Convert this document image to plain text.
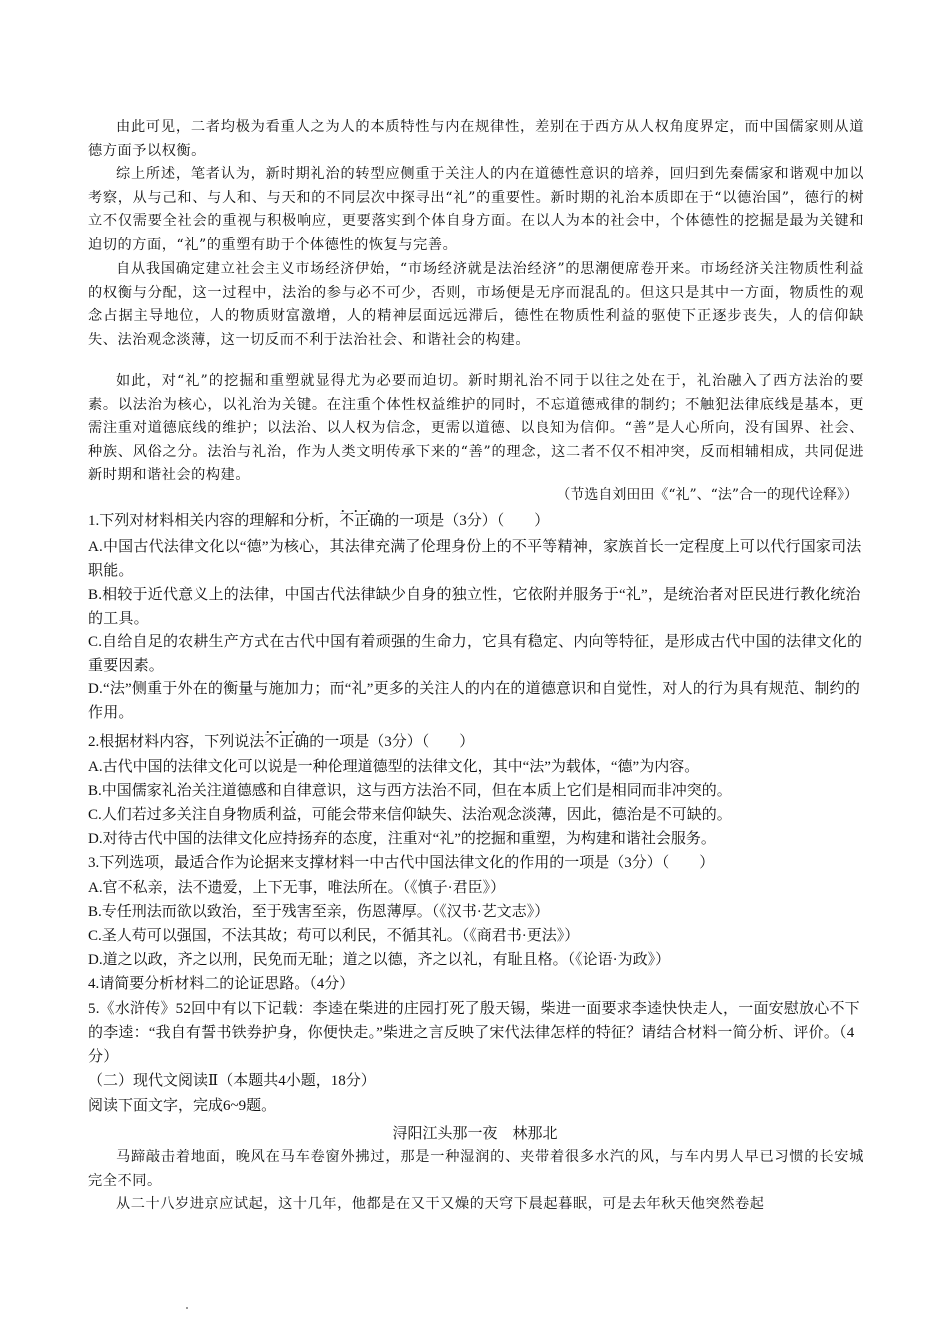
由此可见，二者均极为看重人之为人的本质特性与内在规律性，差别在于西方从人权角度界定，而中国儒家则从道德方面予以权衡。
综上所述，笔者认为，新时期礼治的转型应侧重于关注人的内在道德性意识的培养，回归到先秦儒家和谐观中加以考察，从与己和、与人和、与天和的不同层次中探寻出“礼”的重要性。新时期的礼治本质即在于“以德治国”，德行的树立不仅需要全社会的重视与积极响应，更要落实到个体自身方面。在以人为本的社会中，个体德性的挖掘是最为关键和迫切的方面，“礼”的重塑有助于个体德性的恢复与完善。
自从我国确定建立社会主义市场经济伊始，“市场经济就是法治经济”的思潮便席卷开来。市场经济关注物质性利益的权衡与分配，这一过程中，法治的参与必不可少，否则，市场便是无序而混乱的。但这只是其中一方面，物质性的观念占据主导地位，人的物质财富激增，人的精神层面远远滞后，德性在物质性利益的驱使下正逐步丧失，人的信仰缺失、法治观念淡薄，这一切反而不利于法治社会、和谐社会的构建。
如此，对“礼”的挖掘和重塑就显得尤为必要而迫切。新时期礼治不同于以往之处在于，礼治融入了西方法治的要素。以法治为核心，以礼治为关键。在注重个体性权益维护的同时，不忘道德戒律的制约；不触犯法律底线是基本，更需注重对道德底线的维护；以法治、以人权为信念，更需以道德、以良知为信仰。“善”是人心所向，没有国界、社会、种族、风俗之分。法治与礼治，作为人类文明传承下来的“善”的理念，这二者不仅不相冲突，反而相辅相成，共同促进新时期和谐社会的构建。
（节选自刘田田《“礼”、“法”合一的现代诠释》）
1.下列对材料相关内容的理解和分析，・・・ 不正确的一项是（3分）（　　）
A.中国古代法律文化以“德”为核心，其法律充满了伦理身份上的不平等精神，家族首长一定程度上可以代行国家司法职能。
B.相较于近代意义上的法律，中国古代法律缺少自身的独立性，它依附并服务于“礼”，是统治者对臣民进行教化统治的工具。
C.自给自足的农耕生产方式在古代中国有着顽强的生命力，它具有稳定、内向等特征，是形成古代中国的法律文化的重要因素。
D.“法”侧重于外在的衡量与施加力；而“礼”更多的关注人的内在的道德意识和自觉性，对人的行为具有规范、制约的作用。
2.根据材料内容，下列说法・・・ 不正确的一项是（3分）（　　）
A.古代中国的法律文化可以说是一种伦理道德型的法律文化，其中“法”为载体，“德”为内容。
B.中国儒家礼治关注道德感和自律意识，这与西方法治不同，但在本质上它们是相同而非冲突的。
C.人们若过多关注自身物质利益，可能会带来信仰缺失、法治观念淡薄，因此，德治是不可缺的。
D.对待古代中国的法律文化应持扬弃的态度，注重对“礼”的挖掘和重塑，为构建和谐社会服务。
3.下列选项，最适合作为论据来支撑材料一中古代中国法律文化的作用的一项是（3分）（　　）
A.官不私亲，法不遗爱，上下无事，唯法所在。（《慎子·君臣》）
B.专任刑法而欲以致治，至于残害至亲，伤恩薄厚。（《汉书·艺文志》）
C.圣人苟可以强国，不法其故；苟可以利民，不循其礼。（《商君书·更法》）
D.道之以政，齐之以刑，民免而无耻；道之以德，齐之以礼，有耻且格。（《论语·为政》）
4.请简要分析材料二的论证思路。（4分）
5.《水浒传》52回中有以下记载：李逵在柴进的庄园打死了殷天锡，柴进一面要求李逵快快走人，一面安慰放心不下的李逵：“我自有誓书铁券护身，你便快走。”柴进之言反映了宋代法律怎样的特征？请结合材料一简分析、评价。（4分）
（二）现代文阅读Ⅱ（本题共4小题，18分）
阅读下面文字，完成6~9题。
浔阳江头那一夜　林那北
马蹄敲击着地面，晚风在马车卷窗外拂过，那是一种湿润的、夹带着很多水汽的风，与车内男人早已习惯的长安城完全不同。
从二十八岁进京应试起，这十几年，他都是在又干又燥的天穹下晨起暮眠，可是去年秋天他突然卷起
